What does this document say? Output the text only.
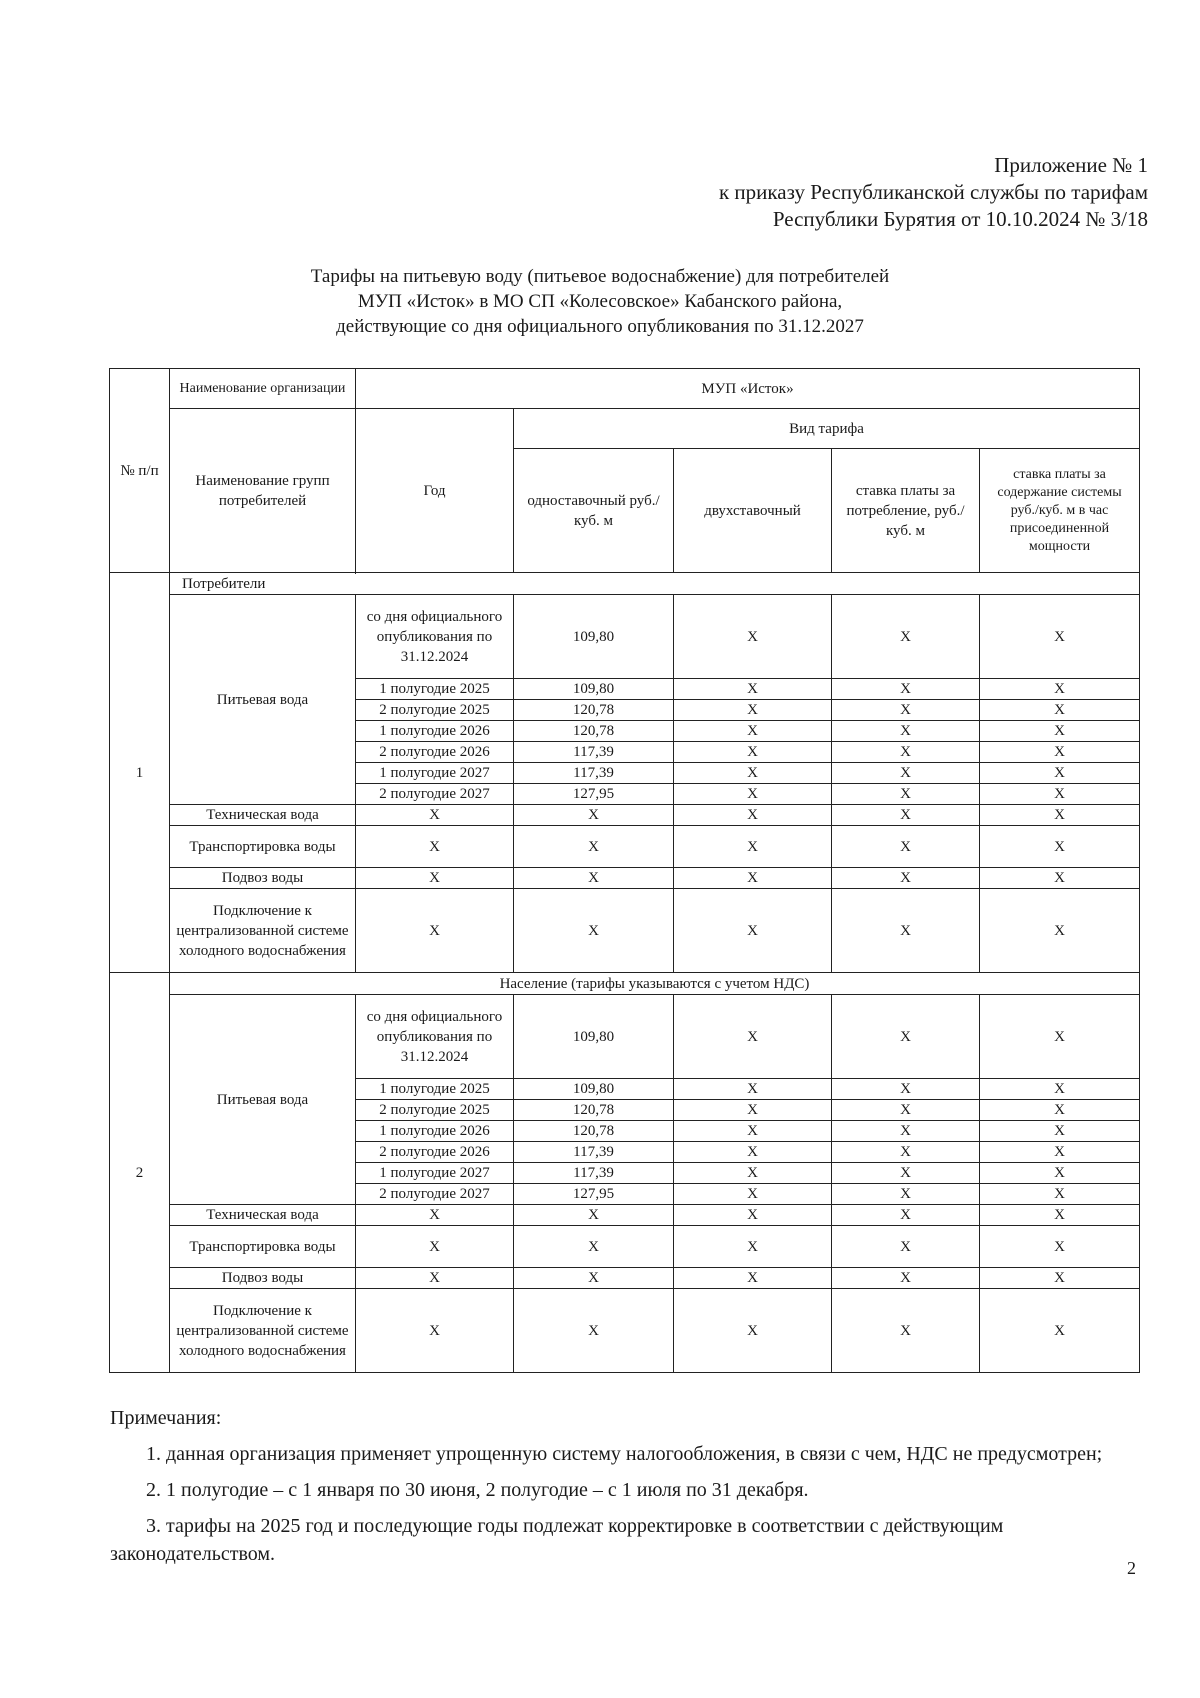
Приложение № 1
к приказу Республиканской службы по тарифам
Республики Бурятия от 10.10.2024 № 3/18
Тарифы на питьевую воду (питьевое водоснабжение) для потребителей
МУП «Исток» в МО СП «Колесовское» Кабанского района,
действующие со дня официального опубликования по 31.12.2027
№ п/п	Наименование организации	МУП «Исток»				
	Наименование групп потребителей	Год	Вид тарифа			
			одноставочный руб./ куб. м	двухставочный	ставка платы за потребление, руб./ куб. м	ставка платы за содержание системы руб./куб. м в час присоединенной мощности

1	Потребители					
	Питьевая вода	со дня официального опубликования по 31.12.2024	109,80	X	X	X
		1 полугодие 2025	109,80	X	X	X
		2 полугодие 2025	120,78	X	X	X
		1 полугодие 2026	120,78	X	X	X
		2 полугодие 2026	117,39	X	X	X
		1 полугодие 2027	117,39	X	X	X
		2 полугодие 2027	127,95	X	X	X
	Техническая вода	X	X	X	X	X
	Транспортировка воды	X	X	X	X	X
	Подвоз воды	X	X	X	X	X
	Подключение к централизованной системе холодного водоснабжения	X	X	X	X	X
2	Население (тарифы указываются с учетом НДС)					
	Питьевая вода	со дня официального опубликования по 31.12.2024	109,80	X	X	X
		1 полугодие 2025	109,80	X	X	X
		2 полугодие 2025	120,78	X	X	X
		1 полугодие 2026	120,78	X	X	X
		2 полугодие 2026	117,39	X	X	X
		1 полугодие 2027	117,39	X	X	X
		2 полугодие 2027	127,95	X	X	X
	Техническая вода	X	X	X	X	X
	Транспортировка воды	X	X	X	X	X
	Подвоз воды	X	X	X	X	X
	Подключение к централизованной системе холодного водоснабжения	X	X	X	X	X

Примечания:

1. данная организация применяет упрощенную систему налогообложения, в связи с чем, НДС не предусмотрен;

2. 1 полугодие – с 1 января по 30 июня, 2 полугодие – с 1 июля по 31 декабря.

3. тарифы на 2025 год и последующие годы подлежат корректировке в соответствии с действующим законодательством.

2
